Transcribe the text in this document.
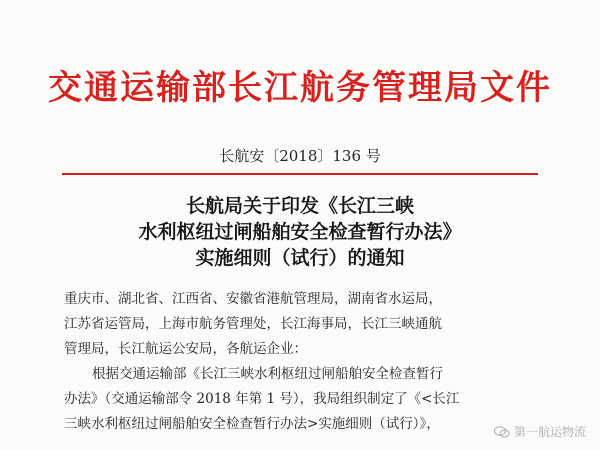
交通运输部长江航务管理局文件
长航安〔2018〕136 号
长航局关于印发《长江三峡
水利枢纽过闸船舶安全检查暂行办法》
实施细则（试行）的通知
重庆市、湖北省、江西省、安徽省港航管理局，湖南省水运局，
江苏省运管局，上海市航务管理处，长江海事局，长江三峡通航
管理局，长江航运公安局，各航运企业：
根据交通运输部《长江三峡水利枢纽过闸船舶安全检查暂行
办法》（交通运输部令 2018 年第 1 号），我局组织制定了《<长江
三峡水利枢纽过闸船舶安全检查暂行办法>实施细则（试行）》，	第一航运物流
